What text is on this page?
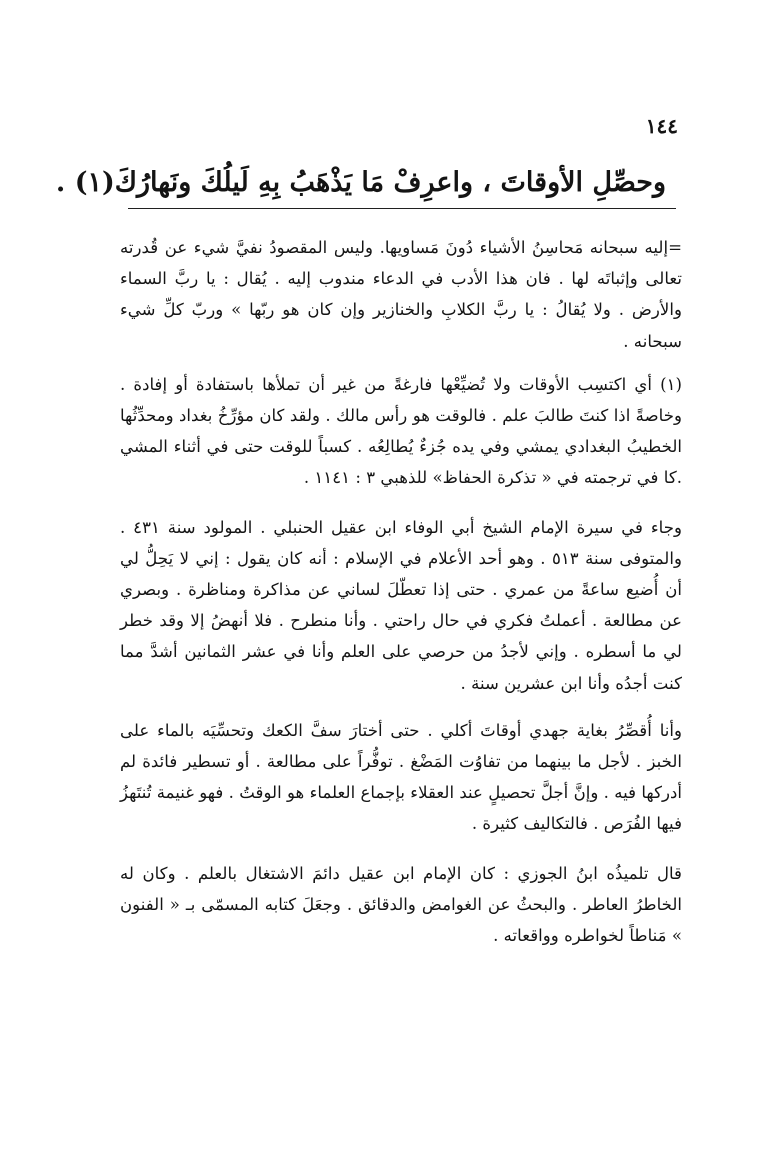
١٤٤
وحصِّلِ الأوقاتَ ، واعرِفْ مَا يَذْهَبُ بِهِ لَيلُكَ ونَهارُكَ(١) .

=إليه سبحانه مَحاسِنُ الأشياء دُونَ مَساويها. وليس المقصودُ نفيَّ شيء عن قُدرته تعالى وإثباتَه لها . فان هذا الأدب في الدعاء مندوب إليه . يُقال : يا ربَّ السماء والأرض . ولا يُقالُ : يا ربَّ الكلابِ والخنازير وإن كان هو ربّها » وربّ كلِّ شيء سبحانه .

(١) أي اكتسِب الأوقات ولا تُضيِّعْها فارغةً من غير أن تملأها باستفادة أو إفادة . وخاصةً اذا كنتَ طالبَ علم . فالوقت هو رأس مالك . ولقد كان مؤرِّخُ بغداد ومحدِّثُها الخطيبُ البغدادي يمشي وفي يده جُزءٌ يُطالِعُه . كسباً للوقت حتى في أثناء المشي .كا في ترجمته في « تذكرة الحفاظ» للذهبي ٣ : ١١٤١ .

وجاء في سيرة الإمام الشيخ أبي الوفاء ابن عقيل الحنبلي . المولود سنة ٤٣١ . والمتوفى سنة ٥١٣ . وهو أحد الأعلام في الإسلام : أنه كان يقول : إني لا يَحِلُّ لي أن أُضيع ساعةً من عمري . حتى إذا تعطّلَ لساني عن مذاكرة ومناظرة . وبصري عن مطالعة . أعملتُ فكري في حال راحتي . وأنا منطرح . فلا أنهضُ إلا وقد خطر لي ما أسطره . وإني لأجدُ من حرصي على العلم وأنا في عشر الثمانين أشدَّ مما كنت أجدُه وأنا ابن عشرين سنة .

وأنا أُقصِّرُ بغاية جهدي أوقاتَ أكلي . حتى أختارَ سفَّ الكعك وتحسِّيَه بالماء على الخبز . لأجل ما بينهما من تفاوُت المَضْغ . توفُّراً على مطالعة . أو تسطير فائدة لم أدركها فيه . وإنَّ أجلَّ تحصيلٍ عند العقلاء بإجماع العلماء هو الوقتُ . فهو غنيمة تُنتَهزُ فيها الفُرَص . فالتكاليف كثيرة .

قال تلميذُه ابنُ الجوزي : كان الإمام ابن عقيل دائمَ الاشتغال بالعلم . وكان له الخاطرُ العاطر . والبحثُ عن الغوامض والدقائق . وجعَلَ كتابه المسمّى بـ « الفنون » مَناطاً لخواطره وواقعاته .
